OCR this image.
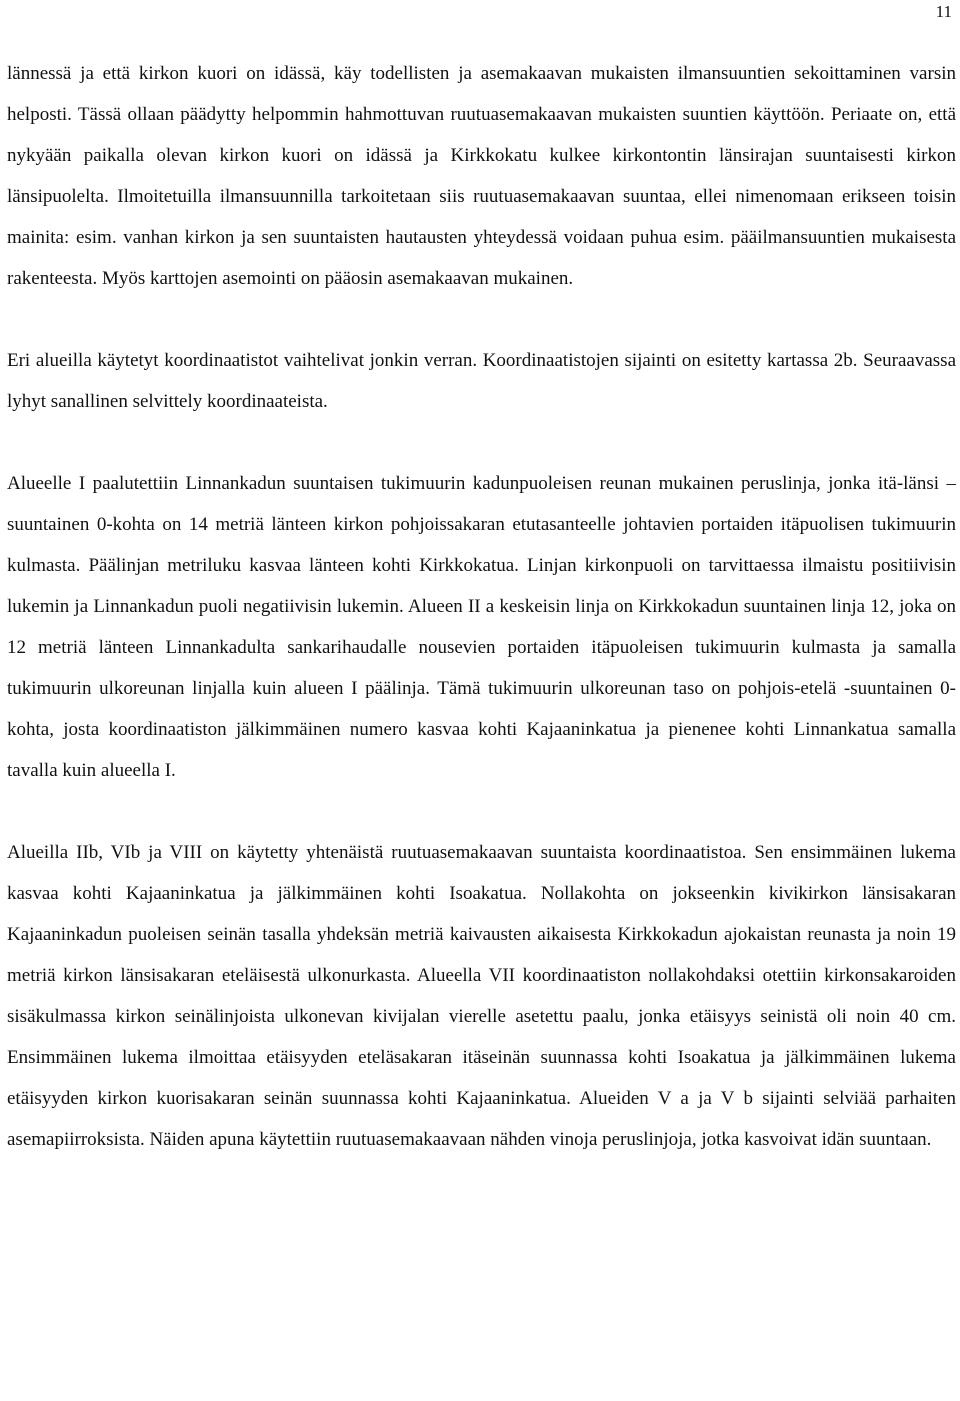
11

lännessä ja että kirkon kuori on idässä, käy todellisten ja asemakaavan mukaisten ilmansuuntien sekoittaminen varsin helposti. Tässä ollaan päädytty helpommin hahmottuvan ruutuasemakaavan mukaisten suuntien käyttöön. Periaate on, että nykyään paikalla olevan kirkon kuori on idässä ja Kirkkokatu kulkee kirkontontin länsirajan suuntaisesti kirkon länsipuolelta. Ilmoitetuilla ilmansuunnilla tarkoitetaan siis ruutuasemakaavan suuntaa, ellei nimenomaan erikseen toisin mainita: esim. vanhan kirkon ja sen suuntaisten hautausten yhteydessä voidaan puhua esim. pääilmansuuntien mukaisesta rakenteesta. Myös karttojen asemointi on pääosin asemakaavan mukainen.

Eri alueilla käytetyt koordinaatistot vaihtelivat jonkin verran. Koordinaatistojen sijainti on esitetty kartassa 2b. Seuraavassa lyhyt sanallinen selvittely koordinaateista.

Alueelle I paalutettiin Linnankadun suuntaisen tukimuurin kadunpuoleisen reunan mukainen peruslinja, jonka itä-länsi –suuntainen 0-kohta on 14 metriä länteen kirkon pohjoissakaran etutasanteelle johtavien portaiden itäpuolisen tukimuurin kulmasta. Päälinjan metriluku kasvaa länteen kohti Kirkkokatua. Linjan kirkonpuoli on tarvittaessa ilmaistu positiivisin lukemin ja Linnankadun puoli negatiivisin lukemin. Alueen II a keskeisin linja on Kirkkokadun suuntainen linja 12, joka on 12 metriä länteen Linnankadulta sankarihaudalle nousevien portaiden itäpuoleisen tukimuurin kulmasta ja samalla tukimuurin ulkoreunan linjalla kuin alueen I päälinja. Tämä tukimuurin ulkoreunan taso on pohjois-etelä -suuntainen 0-kohta, josta koordinaatiston jälkimmäinen numero kasvaa kohti Kajaaninkatua ja pienenee kohti Linnankatua samalla tavalla kuin alueella I.

Alueilla IIb, VIb ja VIII on käytetty yhtenäistä ruutuasemakaavan suuntaista koordinaatistoa. Sen ensimmäinen lukema kasvaa kohti Kajaaninkatua ja jälkimmäinen kohti Isoakatua. Nollakohta on jokseenkin kivikirkon länsisakaran Kajaaninkadun puoleisen seinän tasalla yhdeksän metriä kaivausten aikaisesta Kirkkokadun ajokaistan reunasta ja noin 19 metriä kirkon länsisakaran eteläisestä ulkonurkasta. Alueella VII koordinaatiston nollakohdaksi otettiin kirkonsakaroiden sisäkulmassa kirkon seinälinjoista ulkonevan kivijalan vierelle asetettu paalu, jonka etäisyys seinistä oli noin 40 cm. Ensimmäinen lukema ilmoittaa etäisyyden eteläsakaran itäseinän suunnassa kohti Isoakatua ja jälkimmäinen lukema etäisyyden kirkon kuorisakaran seinän suunnassa kohti Kajaaninkatua. Alueiden V a ja V b sijainti selviää parhaiten asemapiirroksista. Näiden apuna käytettiin ruutuasemakaavaan nähden vinoja peruslinjoja, jotka kasvoivat idän suuntaan.
